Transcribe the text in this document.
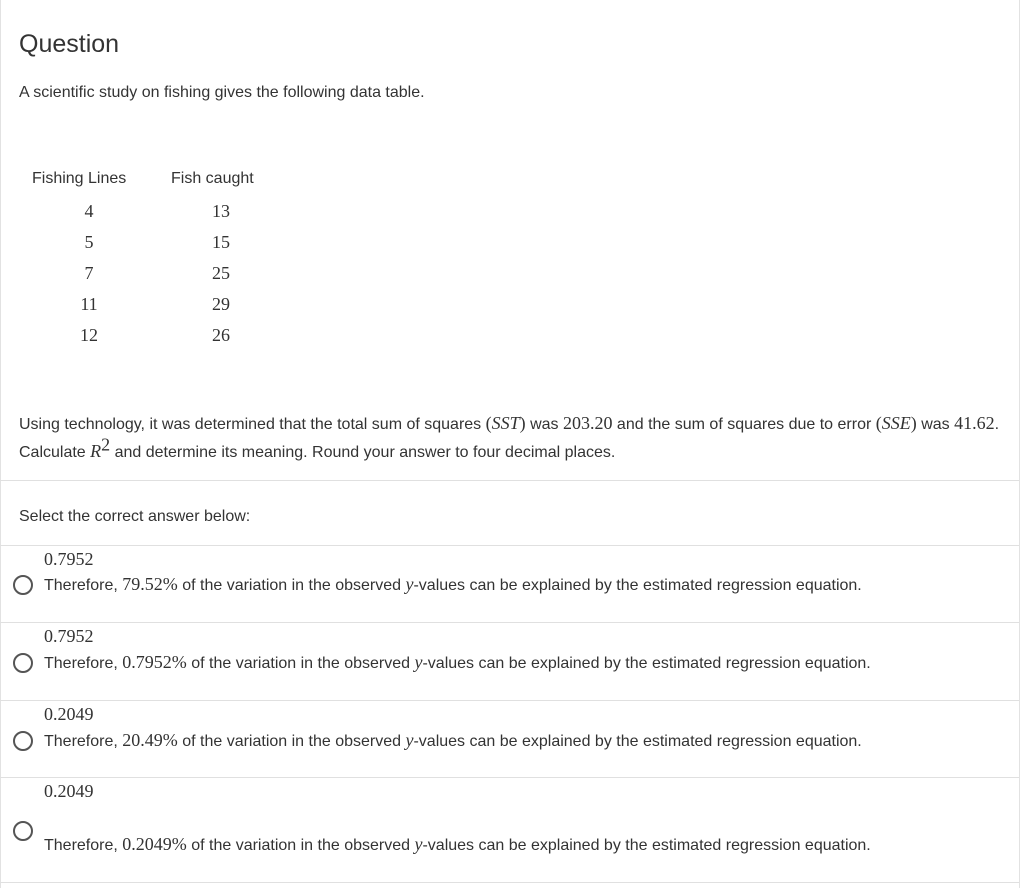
Question
A scientific study on fishing gives the following data table.
Fishing Lines	Fish caught
4	13
5	15
7	25
11	29
12	26
Using technology, it was determined that the total sum of squares (SST) was 203.20 and the sum of squares due to error (SSE) was 41.62. Calculate $R^2$ and determine its meaning. Round your answer to four decimal places.
Select the correct answer below:
0.7952
Therefore, 79.52% of the variation in the observed y-values can be explained by the estimated regression equation.
0.7952
Therefore, 0.7952% of the variation in the observed y-values can be explained by the estimated regression equation.
0.2049
Therefore, 20.49% of the variation in the observed y-values can be explained by the estimated regression equation.
0.2049
Therefore, 0.2049% of the variation in the observed y-values can be explained by the estimated regression equation.
